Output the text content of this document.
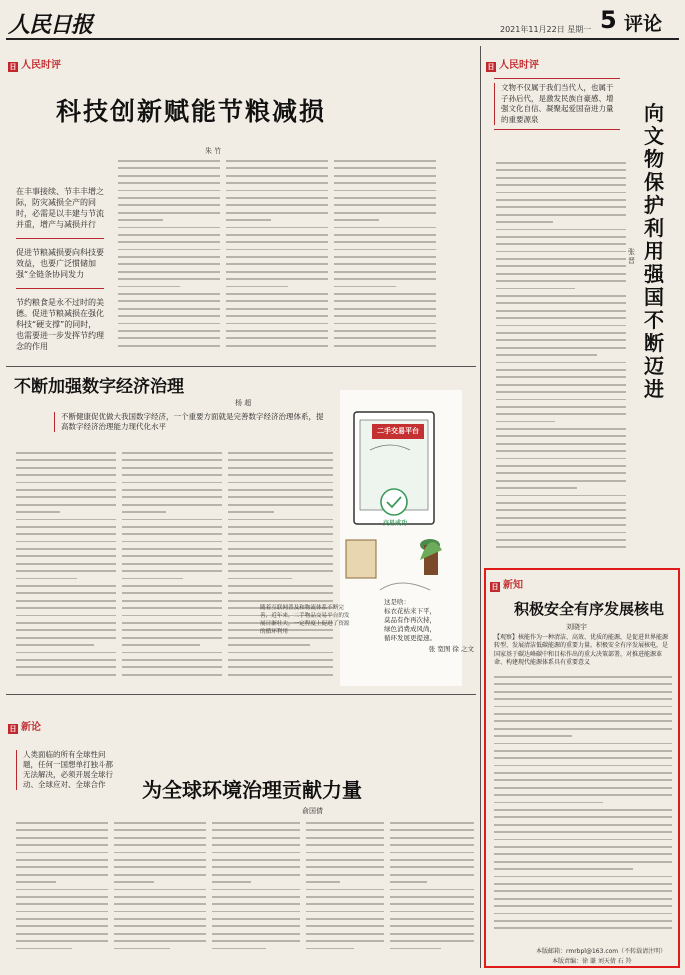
人民日报	2021年11月22日 星期一 5 评论
日 人民时评
科技创新赋能节粮减损
朱 竹

在丰事接续、节丰丰增之际，防灾减损全产的同时，必需是以丰建与节流并重，增产与减损并行

促进节粮减损要向科技要效益，也要广泛惯储加强“全链条协同发力

节约粮食是永不过时的美德。促进节粮减损在强化科技“硬支撑”的同时，也需要进一步发挥节约理念的作用

不断加强数字经济治理
杨 超
不断健康促优做大我国数字经济，一个重要方面就是完善数字经济治理体系，提高数字经济治理能力现代化水平	二手交易平台
交易成功
随着互联网普及和物流体系不断完善，近年来，二手物品交易平台的发展日渐壮大，一定程度上促进了资源的循环利用
这是啥：
标衣花枯来下平，
莫品有作再次持，
绿色消费成风尚，
循环发展更提速。
张 宽图 徐 之文
日 新论
为全球环境治理贡献力量
俞国倩
人类面临的所有全球性问题，任何一国想单打独斗都无法解决，必须开展全球行动、全球应对、全球合作
日 人民时评

文物不仅属于我们当代人，也属于子孙后代，是激发民族自豪感、增强文化自信、凝聚起爱国奋进力量的重要源泉	向文物保护利用强国不断迈进
张 晋
日 新知
积极安全有序发展核电
刘晓宇
【观察】核能作为一种清洁、高效、优质的能源，是促进世界能源转型、发展清洁低碳能源的重要力量。积极安全有序发展核电，是国家基于碳达峰碳中和目标作出的重大决策部署，对推进能源革命、构建现代能源体系具有重要意义
本版邮箱：rmrbpl@163.com（不转载请注明）
本版责编：徐 谦 刘天倩 石 羚
